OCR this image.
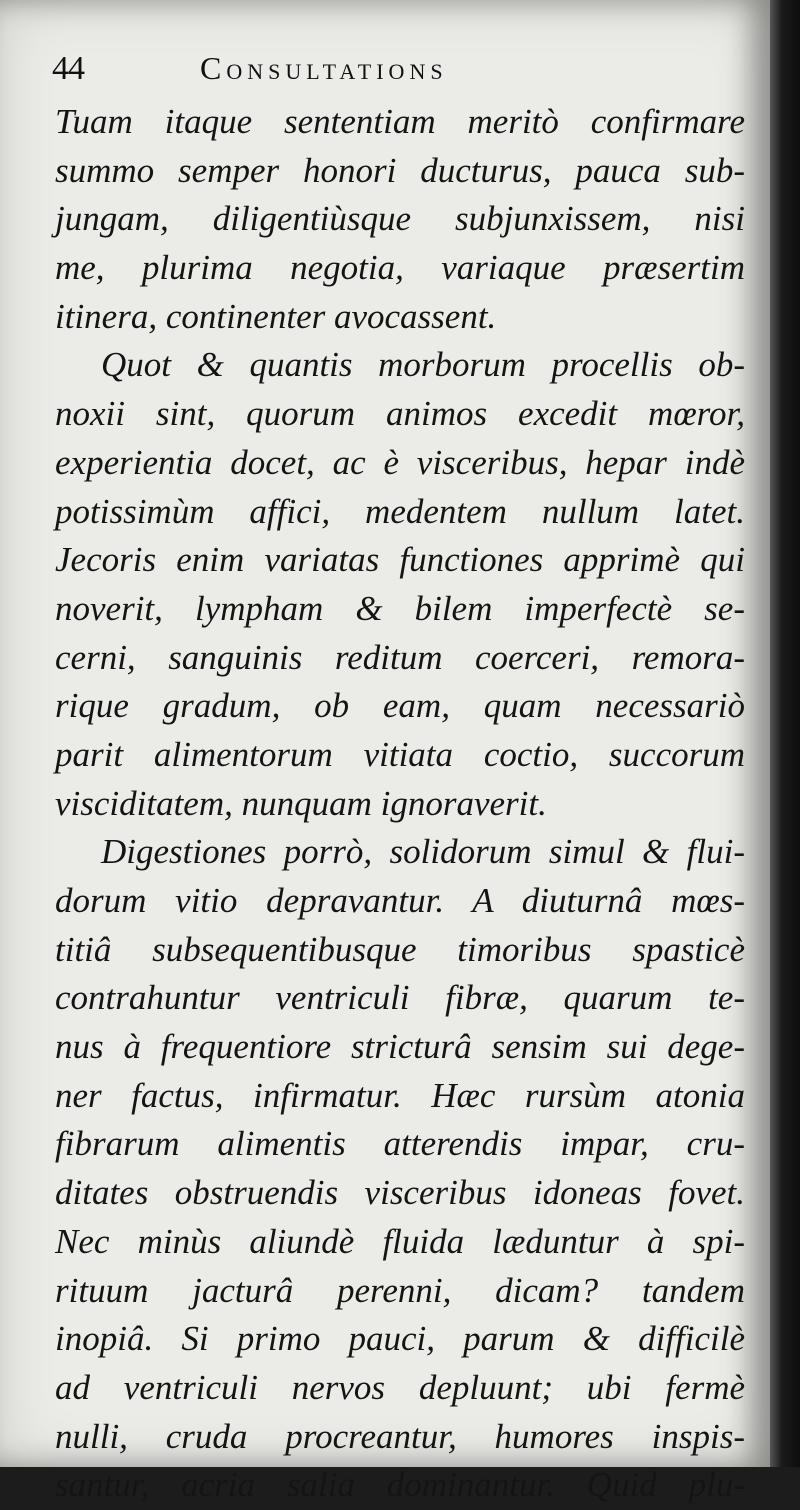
44	Consultations
Tuam itaque sententiam meritò confirmare
summo semper honori ducturus, pauca sub-
jungam, diligentiùsque subjunxissem, nisi
me, plurima negotia, variaque præsertim
itinera, continenter avocassent.
Quot & quantis morborum procellis ob-
noxii sint, quorum animos excedit mœror,
experientia docet, ac è visceribus, hepar indè
potissimùm affici, medentem nullum latet.
Jecoris enim variatas functiones apprimè qui
noverit, lympham & bilem imperfectè se-
cerni, sanguinis reditum coerceri, remora-
rique gradum, ob eam, quam necessariò
parit alimentorum vitiata coctio, succorum
visciditatem, nunquam ignoraverit.
Digestiones porrò, solidorum simul & flui-
dorum vitio depravantur. A diuturnâ mœs-
titiâ subsequentibusque timoribus spasticè
contrahuntur ventriculi fibræ, quarum te-
nus à frequentiore stricturâ sensim sui dege-
ner factus, infirmatur. Hæc rursùm atonia
fibrarum alimentis atterendis impar, cru-
ditates obstruendis visceribus idoneas fovet.
Nec minùs aliundè fluida læduntur à spi-
rituum jacturâ perenni, dicam? tandem
inopiâ. Si primo pauci, parum & difficilè
ad ventriculi nervos depluunt; ubi fermè
nulli, cruda procreantur, humores inspis-
santur, acria salia dominantur. Quid plu-
